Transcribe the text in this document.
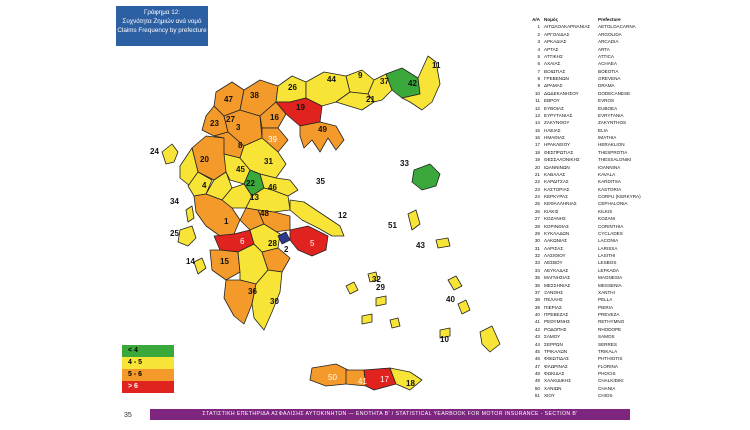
Γράφημα 12:
Συχνότητα Ζημιών ανά νομό
Claims Frequency by prefecture
44	9
37 42
11
38
3
21
27
47
26
46
39
49
23
8
20
24
45
31
22
33
35
16
13
34
19
1
48
14
25
12
51
6
2
5
15
43
32
4
28
29
36
30	40
10
50	41 17 18
< 4
4 - 5
5 - 6
> 6
Α/Α Νομός	Prefecture
1 ΑΙΤΩΛΟΑΚΑΡΝΑΝΙΑΣ	AETOLOACARNA
2 ΑΡΓΟΛΙΔΑΣ	ARGOLIDA
3 ΑΡΚΑΔΙΑΣ	ARCADIA
4 ΑΡΤΑΣ	ARTA
5 ΑΤΤΙΚΗΣ	ATTICA
6 ΑΧΑΙΑΣ	ACHAEA
7 ΒΟΙΩΤΙΑΣ	BOEOTIA
8 ΓΡΕΒΕΝΩΝ	GREVENA
9 ΔΡΑΜΑΣ	DRAMA
10 ΔΩΔΕΚΑΝΗΣΟΥ	DODECANESE
11 ΕΒΡΟΥ	EVROS
12 ΕΥΒΟΙΑΣ	EUBOEA
13 ΕΥΡΥΤΑΝΙΑΣ	EVRYTANIA
14 ΖΑΚΥΝΘΟΥ	ZAKYNTHOS
15 ΗΛΕΙΑΣ	ELIA
16 ΗΜΑΘΙΑΣ	IMATHIA
17 ΗΡΑΚΛΕΙΟΥ	HERAKLION
18 ΘΕΣΠΡΩΤΙΑΣ	THESPROTIA
19 ΘΕΣΣΑΛΟΝΙΚΗΣ	THESSALONIKI
20 ΙΩΑΝΝΙΝΩΝ	IOANNINA
21 ΚΑΒΑΛΑΣ	KAVALA
22 ΚΑΡΔΙΤΣΑΣ	KARDITSA
23 ΚΑΣΤΟΡΙΑΣ	KASTORIA
24 ΚΕΡΚΥΡΑΣ	CORFU (KERKYRA)
25 ΚΕΦΑΛΛΗΝΙΑΣ	CEPHALONIA
26 ΚΙΛΚΙΣ	KILKIS
27 ΚΟΖΑΝΗΣ	KOZANI
28 ΚΟΡΙΝΘΙΑΣ	CORINTHIA
29 ΚΥΚΛΑΔΩΝ	CYCLADES
30 ΛΑΚΩΝΙΑΣ	LACONIA
31 ΛΑΡΙΣΑΣ	LARISSA
32 ΛΑΣΙΘΙΟΥ	LASITHI
33 ΛΕΣΒΟΥ	LESBOS
34 ΛΕΥΚΑΔΑΣ	LEFKADA
35 ΜΑΓΝΗΣΙΑΣ	MAGNESIA
36 ΜΕΣΣΗΝΙΑΣ	MESSENIA
37 ΞΑΝΘΗΣ	XANTHI
38 ΠΕΛΛΗΣ	PELLA
39 ΠΙΕΡΙΑΣ	PIERIA
40 ΠΡΕΒΕΖΑΣ	PREVEZA
41 ΡΕΘΥΜΝΗΣ	RETHYMNO
42 ΡΟΔΟΠΗΣ	RHODOPE
43 ΣΑΜΟΥ	SAMOS
44 ΣΕΡΡΩΝ	SERRES
45 ΤΡΙΚΑΛΩΝ	TRIKALA
46 ΦΘΙΩΤΙΔΑΣ	PHTHIOTIS
47 ΦΛΩΡΙΝΑΣ	FLORINA
48 ΦΩΚΙΔΑΣ	PHOCIS
49 ΧΑΛΚΙΔΙΚΗΣ	CHALKIDIKI
50 ΧΑΝΙΩΝ	CHANIA
51 ΧΙΟΥ	CHIOS
35	ΣΤΑΤΙΣΤΙΚΗ ΕΠΕΤΗΡΙΔΑ ΑΣΦΑΛΙΣΗΣ ΑΥΤΟΚΙΝΗΤΩΝ — ΕΝΟΤΗΤΑ Β' / STATISTICAL YEARBOOK FOR MOTOR INSURANCE - SECTION B'
